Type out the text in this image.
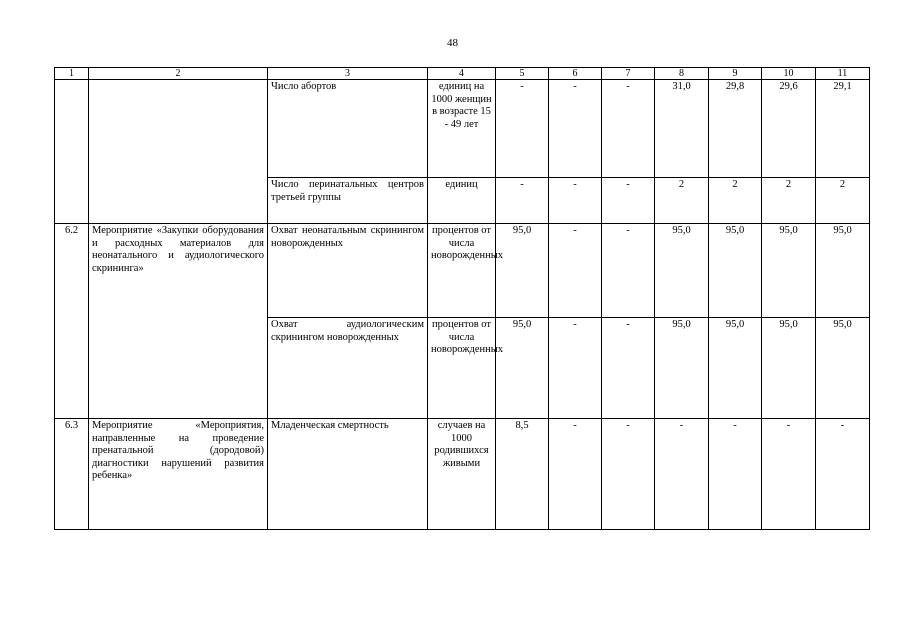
48
1	2	3	4	5	6	7	8	9	10	11
		Число абортов	единиц на 1000 женщин в возрасте 15 - 49 лет	-	-	-	31,0	29,8	29,6	29,1
		Число перинатальных центров третьей группы	единиц	-	-	-	2	2	2	2
6.2	Мероприятие «Закупки оборудования и расходных материалов для неонатального и аудиологического скрининга»	Охват неонатальным скринингом новорожденных	процентов от числа новорожденных	95,0	-	-	95,0	95,0	95,0	95,0
		Охват аудиологическим скринингом новорожденных	процентов от числа новорожденных	95,0	-	-	95,0	95,0	95,0	95,0
6.3	Мероприятие «Мероприятия, направленные на проведение пренатальной (дородовой) диагностики нарушений развития ребенка»	Младенческая смертность	случаев на 1000 родившихся живыми	8,5	-	-	-	-	-	-
